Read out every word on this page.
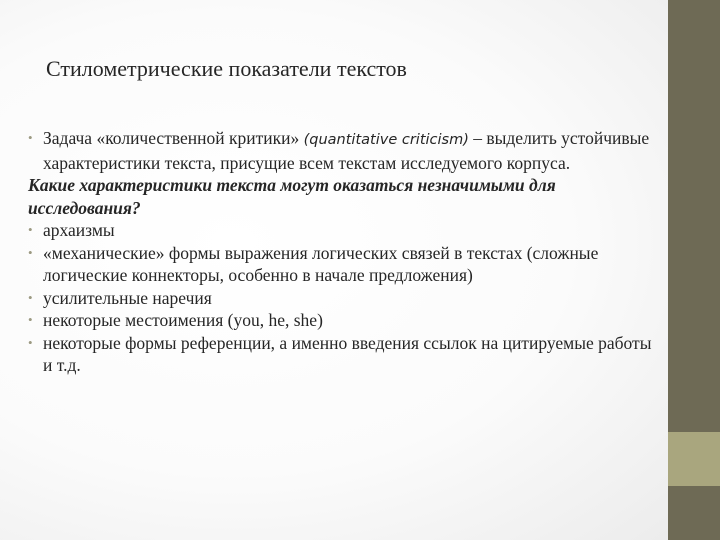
Стилометрические показатели текстов
• Задача «количественной критики» (quantitative criticism) – выделить устойчивые характеристики текста, присущие всем текстам исследуемого корпуса.
Какие характеристики текста могут оказаться незначимыми для исследования?
• архаизмы
• «механические» формы выражения логических связей в текстах (сложные логические коннекторы, особенно в начале предложения)
• усилительные наречия
• некоторые местоимения (you, he, she)
• некоторые формы референции, а именно введения ссылок на цитируемые работы и т.д.
